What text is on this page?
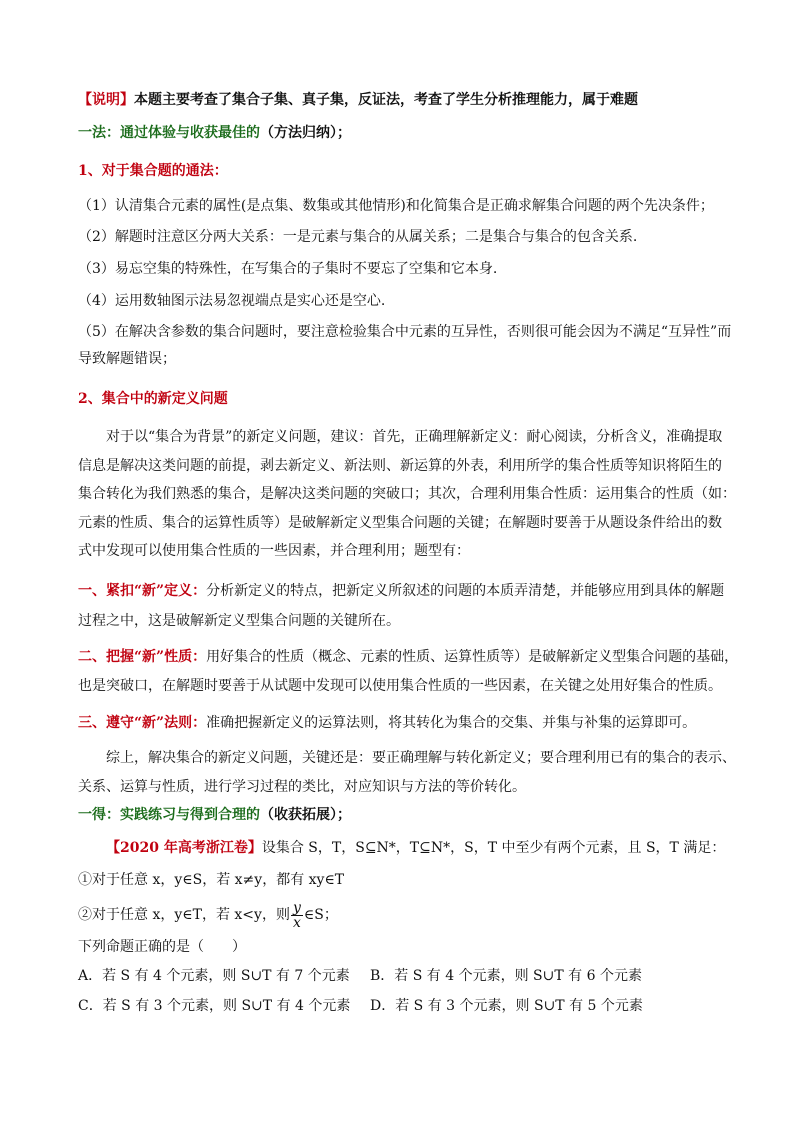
【说明】本题主要考查了集合子集、真子集，反证法，考查了学生分析推理能力，属于难题
一法：通过体验与收获最佳的（方法归纳）；
1、对于集合题的通法：
（1）认清集合元素的属性(是点集、数集或其他情形)和化简集合是正确求解集合问题的两个先决条件；
（2）解题时注意区分两大关系：一是元素与集合的从属关系；二是集合与集合的包含关系.
（3）易忘空集的特殊性，在写集合的子集时不要忘了空集和它本身.
（4）运用数轴图示法易忽视端点是实心还是空心.
（5）在解决含参数的集合问题时，要注意检验集合中元素的互异性，否则很可能会因为不满足“互异性”而
导致解题错误；
2、集合中的新定义问题
对于以“集合为背景”的新定义问题，建议：首先，正确理解新定义：耐心阅读，分析含义，准确提取
信息是解决这类问题的前提，剥去新定义、新法则、新运算的外表，利用所学的集合性质等知识将陌生的
集合转化为我们熟悉的集合，是解决这类问题的突破口；其次，合理利用集合性质：运用集合的性质（如：
元素的性质、集合的运算性质等）是破解新定义型集合问题的关键；在解题时要善于从题设条件给出的数
式中发现可以使用集合性质的一些因素，并合理利用；题型有：
一、紧扣“新”定义：分析新定义的特点，把新定义所叙述的问题的本质弄清楚，并能够应用到具体的解题
过程之中，这是破解新定义型集合问题的关键所在。
二、把握“新”性质：用好集合的性质（概念、元素的性质、运算性质等）是破解新定义型集合问题的基础，
也是突破口，在解题时要善于从试题中发现可以使用集合性质的一些因素，在关键之处用好集合的性质。
三、遵守“新”法则：准确把握新定义的运算法则，将其转化为集合的交集、并集与补集的运算即可。
综上，解决集合的新定义问题，关键还是：要正确理解与转化新定义；要合理利用已有的集合的表示、
关系、运算与性质，进行学习过程的类比，对应知识与方法的等价转化。
一得：实践练习与得到合理的（收获拓展）；
【2020 年高考浙江卷】设集合 S，T，S⊆N*，T⊆N*，S，T 中至少有两个元素，且 S，T 满足：
①对于任意 x，y∈S，若 x≠y，都有 xy∈T
②对于任意 x，y∈T，若 x<y，则 $\frac{y}{x}$ ∈S；
下列命题正确的是（　　）
A．若 S 有 4 个元素，则 S∪T 有 7 个元素 B．若 S 有 4 个元素，则 S∪T 有 6 个元素
C．若 S 有 3 个元素，则 S∪T 有 4 个元素 D．若 S 有 3 个元素，则 S∪T 有 5 个元素
